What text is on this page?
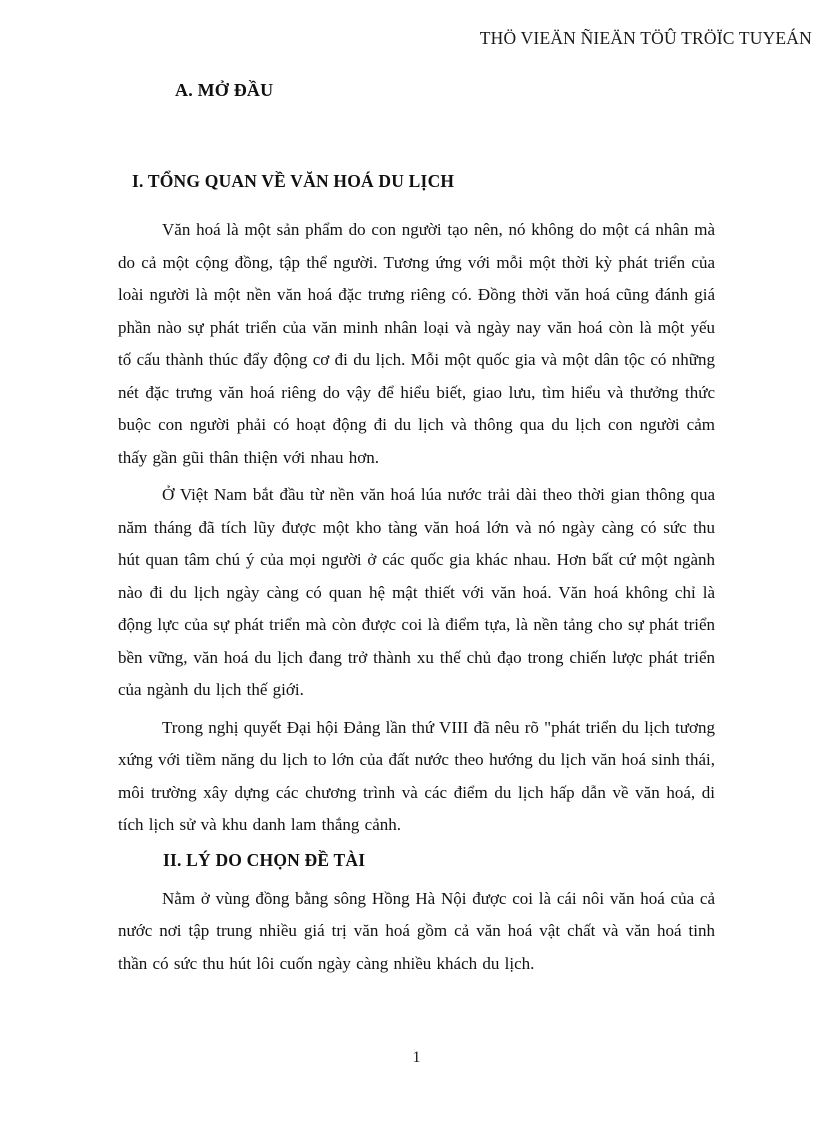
THÖ VIEÄN ÑIEÄN TÖÛ TRÖÏC TUYEÁN
A. MỞ ĐẦU
I. TỔNG QUAN VỀ VĂN HOÁ DU LỊCH

Văn hoá là một sản phẩm do con người tạo nên, nó không do một cá nhân mà do cả một cộng đồng, tập thể người. Tương ứng với mỗi một thời kỳ phát triển của loài người là một nền văn hoá đặc trưng riêng có. Đồng thời văn hoá cũng đánh giá phần nào sự phát triển của văn minh nhân loại và ngày nay văn hoá còn là một yếu tố cấu thành thúc đẩy động cơ đi du lịch. Mỗi một quốc gia và một dân tộc có những nét đặc trưng văn hoá riêng do vậy để hiểu biết, giao lưu, tìm hiểu và thưởng thức buộc con người phải có hoạt động đi du lịch và thông qua du lịch con người cảm thấy gần gũi thân thiện với nhau hơn.

Ở Việt Nam bắt đầu từ nền văn hoá lúa nước trải dài theo thời gian thông qua năm tháng đã tích lũy được một kho tàng văn hoá lớn và nó ngày càng có sức thu hút quan tâm chú ý của mọi người ở các quốc gia khác nhau. Hơn bất cứ một ngành nào đi du lịch ngày càng có quan hệ mật thiết với văn hoá. Văn hoá không chỉ là động lực của sự phát triển mà còn được coi là điểm tựa, là nền tảng cho sự phát triển bền vững, văn hoá du lịch đang trở thành xu thế chủ đạo trong chiến lược phát triển của ngành du lịch thế giới.

Trong nghị quyết Đại hội Đảng lần thứ VIII đã nêu rõ "phát triển du lịch tương xứng với tiềm năng du lịch to lớn của đất nước theo hướng du lịch văn hoá sinh thái, môi trường xây dựng các chương trình và các điểm du lịch hấp dẫn về văn hoá, di tích lịch sử và khu danh lam thắng cảnh.

II. LÝ DO CHỌN ĐỀ TÀI

Nằm ở vùng đồng bằng sông Hồng Hà Nội được coi là cái nôi văn hoá của cả nước nơi tập trung nhiều giá trị văn hoá gồm cả văn hoá vật chất và văn hoá tinh thần có sức thu hút lôi cuốn ngày càng nhiều khách du lịch.

1
